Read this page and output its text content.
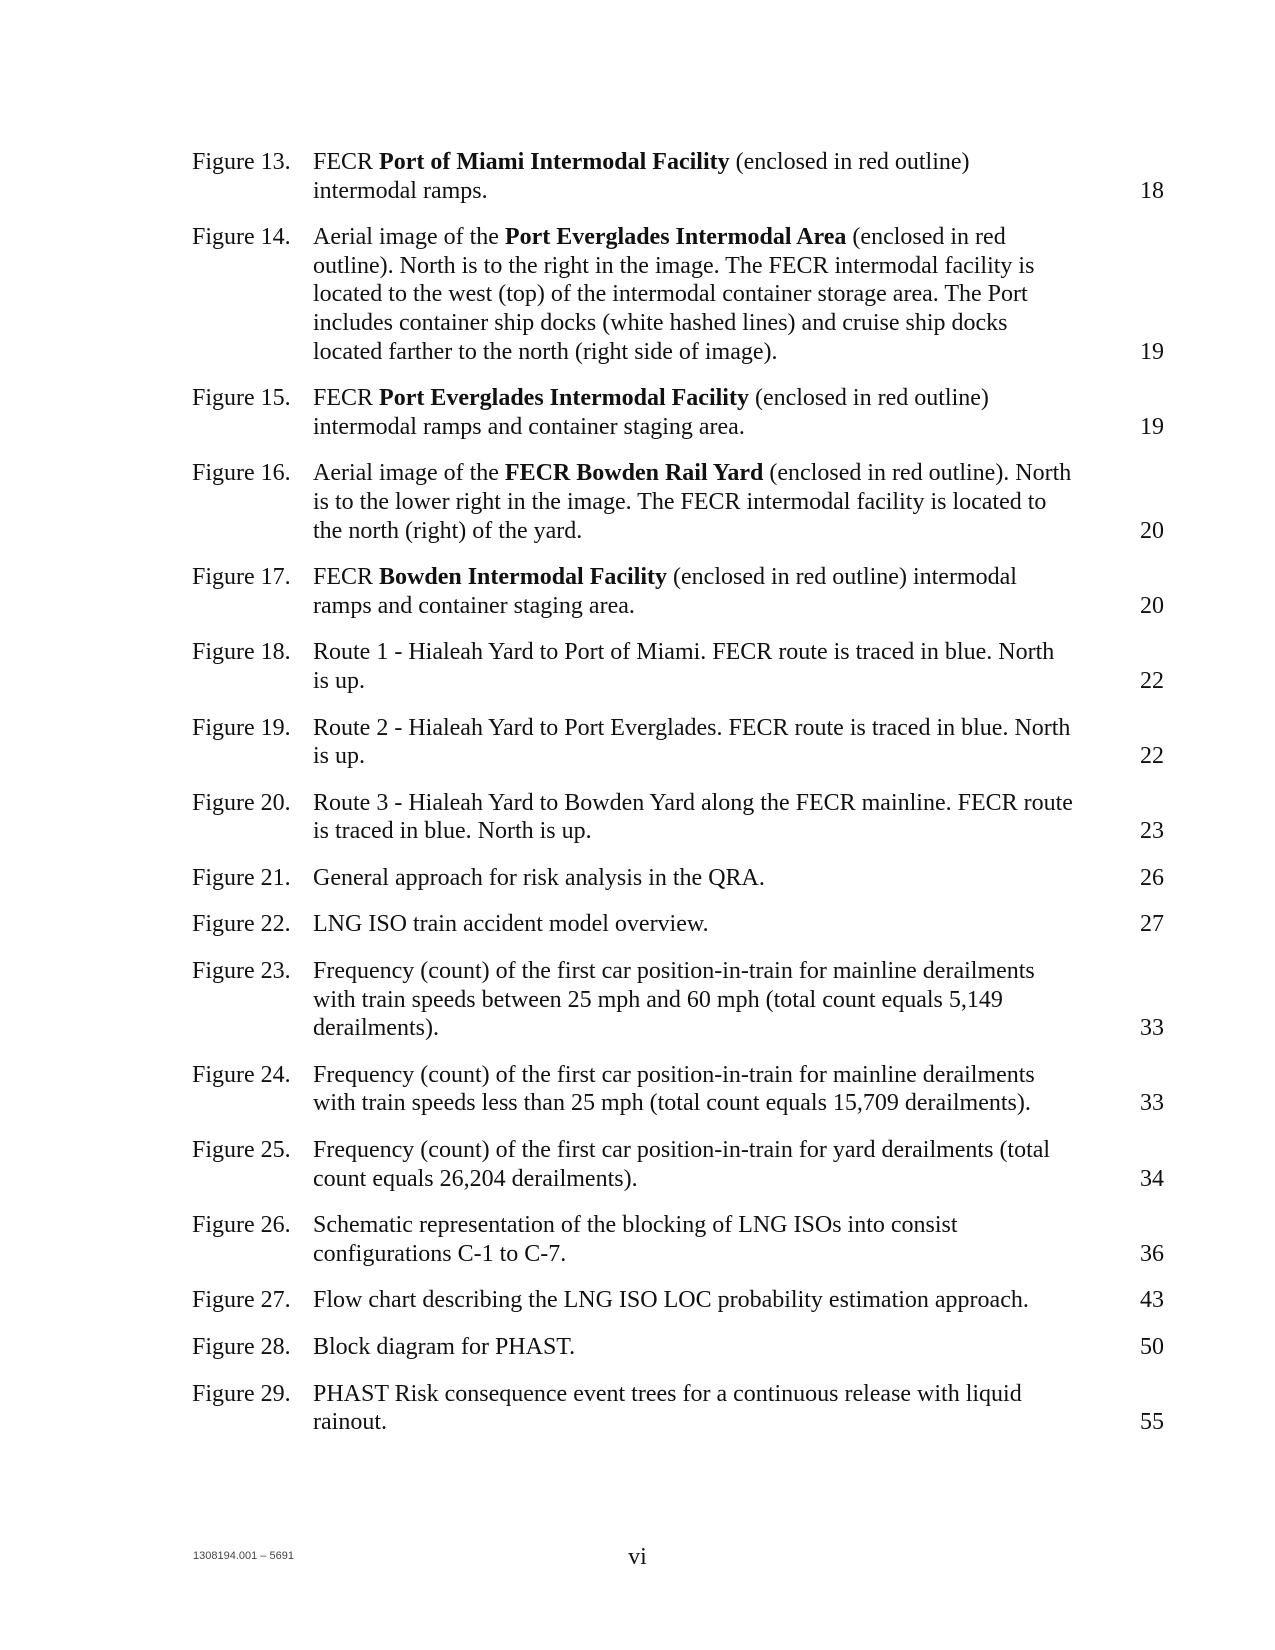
Figure 13. FECR Port of Miami Intermodal Facility (enclosed in red outline) intermodal ramps.	18
Figure 14. Aerial image of the Port Everglades Intermodal Area (enclosed in red outline). North is to the right in the image. The FECR intermodal facility is located to the west (top) of the intermodal container storage area. The Port includes container ship docks (white hashed lines) and cruise ship docks located farther to the north (right side of image).	19
Figure 15. FECR Port Everglades Intermodal Facility (enclosed in red outline) intermodal ramps and container staging area.	19
Figure 16. Aerial image of the FECR Bowden Rail Yard (enclosed in red outline). North is to the lower right in the image. The FECR intermodal facility is located to the north (right) of the yard.	20
Figure 17. FECR Bowden Intermodal Facility (enclosed in red outline) intermodal ramps and container staging area.	20
Figure 18. Route 1 - Hialeah Yard to Port of Miami. FECR route is traced in blue. North is up.	22
Figure 19. Route 2 - Hialeah Yard to Port Everglades. FECR route is traced in blue. North is up.	22
Figure 20. Route 3 - Hialeah Yard to Bowden Yard along the FECR mainline. FECR route is traced in blue. North is up.	23
Figure 21. General approach for risk analysis in the QRA.	26
Figure 22. LNG ISO train accident model overview.	27
Figure 23. Frequency (count) of the first car position-in-train for mainline derailments with train speeds between 25 mph and 60 mph (total count equals 5,149 derailments).	33
Figure 24. Frequency (count) of the first car position-in-train for mainline derailments with train speeds less than 25 mph (total count equals 15,709 derailments).	33
Figure 25. Frequency (count) of the first car position-in-train for yard derailments (total count equals 26,204 derailments).	34
Figure 26. Schematic representation of the blocking of LNG ISOs into consist configurations C-1 to C-7.	36
Figure 27. Flow chart describing the LNG ISO LOC probability estimation approach.	43
Figure 28. Block diagram for PHAST.	50
Figure 29. PHAST Risk consequence event trees for a continuous release with liquid rainout.	55
1308194.001 – 5691	vi
